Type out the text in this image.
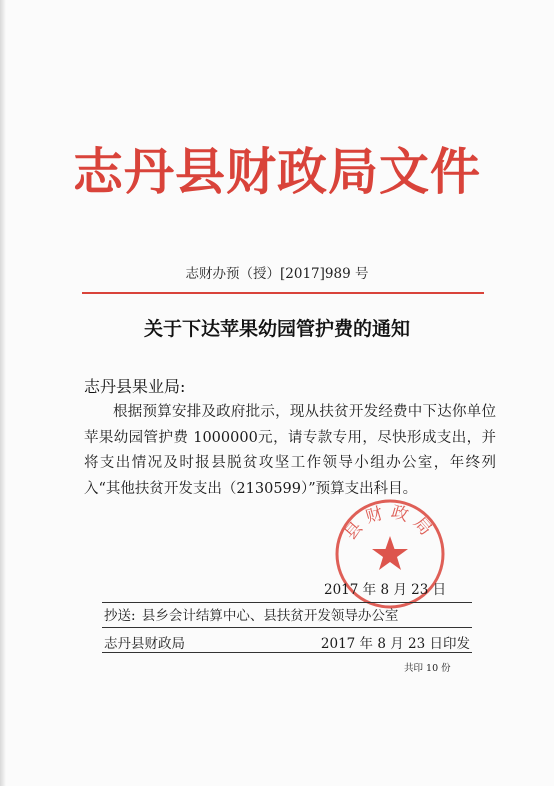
志丹县财政局文件
志财办预（授）[2017]989 号
关于下达苹果幼园管护费的通知
志丹县果业局:

根据预算安排及政府批示，现从扶贫开发经费中下达你单位苹果幼园管护费 1000000元，请专款专用，尽快形成支出，并将支出情况及时报县脱贫攻坚工作领导小组办公室，年终列入“其他扶贫开发支出（2130599）”预算支出科目。

县财政局
2017 年 8 月 23 日
抄送: 县乡会计结算中心、县扶贫开发领导办公室
志丹县财政局	2017 年 8 月 23 日印发
共印 10 份
